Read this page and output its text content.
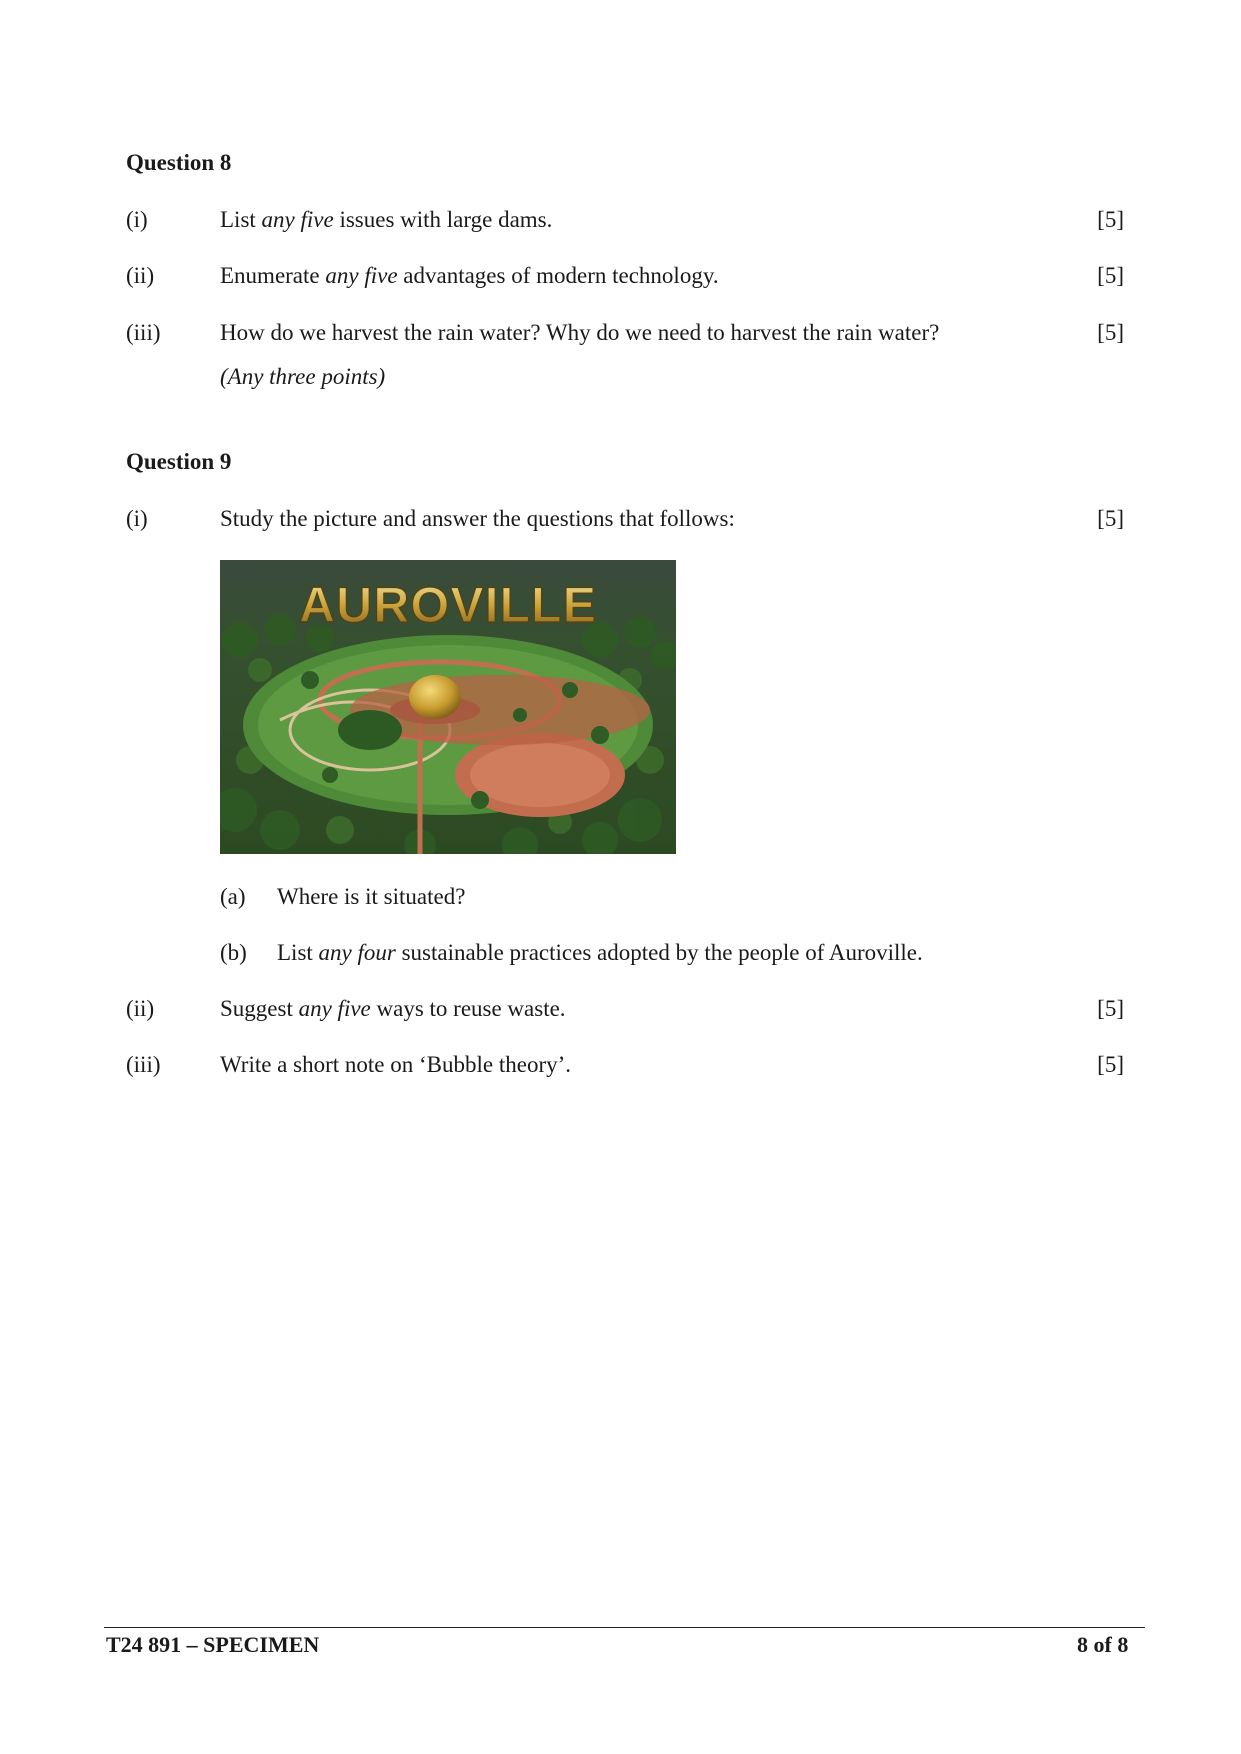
Question 8
(i)	List any five issues with large dams.	[5]
(ii)	Enumerate any five advantages of modern technology.	[5]
(iii)	How do we harvest the rain water? Why do we need to harvest the rain water?	[5]
(Any three points)
Question 9
(i)	Study the picture and answer the questions that follows:	[5]
AUROVILLE
(a) Where is it situated?
(b) List any four sustainable practices adopted by the people of Auroville.
(ii)	Suggest any five ways to reuse waste.	[5]
(iii)	Write a short note on ‘Bubble theory’.	[5]
T24 891 – SPECIMEN	8 of 8
